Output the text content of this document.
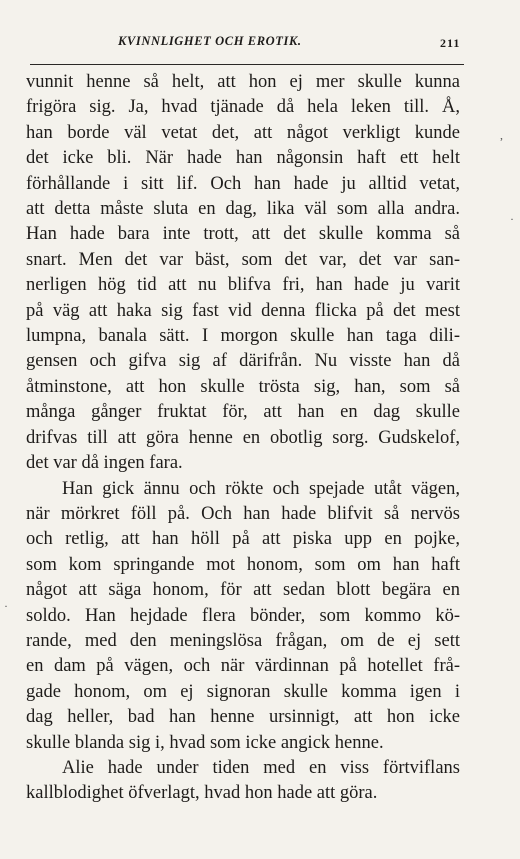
KVINNLIGHET OCH EROTIK.	211
vunnit henne så helt, att hon ej mer skulle kunna
frigöra sig. Ja, hvad tjänade då hela leken till. Å,
han borde väl vetat det, att något verkligt kunde
det icke bli. När hade han någonsin haft ett helt
förhållande i sitt lif. Och han hade ju alltid vetat,
att detta måste sluta en dag, lika väl som alla andra.
Han hade bara inte trott, att det skulle komma så
snart. Men det var bäst, som det var, det var san-
nerligen hög tid att nu blifva fri, han hade ju varit
på väg att haka sig fast vid denna flicka på det mest
lumpna, banala sätt. I morgon skulle han taga dili-
gensen och gifva sig af därifrån. Nu visste han då
åtminstone, att hon skulle trösta sig, han, som så
många gånger fruktat för, att han en dag skulle
drifvas till att göra henne en obotlig sorg. Gudskelof,
det var då ingen fara.
Han gick ännu och rökte och spejade utåt vägen,
när mörkret föll på. Och han hade blifvit så nervös
och retlig, att han höll på att piska upp en pojke,
som kom springande mot honom, som om han haft
något att säga honom, för att sedan blott begära en
soldo. Han hejdade flera bönder, som kommo kö-
rande, med den meningslösa frågan, om de ej sett
en dam på vägen, och när värdinnan på hotellet frå-
gade honom, om ej signoran skulle komma igen i
dag heller, bad han henne ursinnigt, att hon icke
skulle blanda sig i, hvad som icke angick henne.
Alie hade under tiden med en viss förtviflans
kallblodighet öfverlagt, hvad hon hade att göra.
,
·
·
